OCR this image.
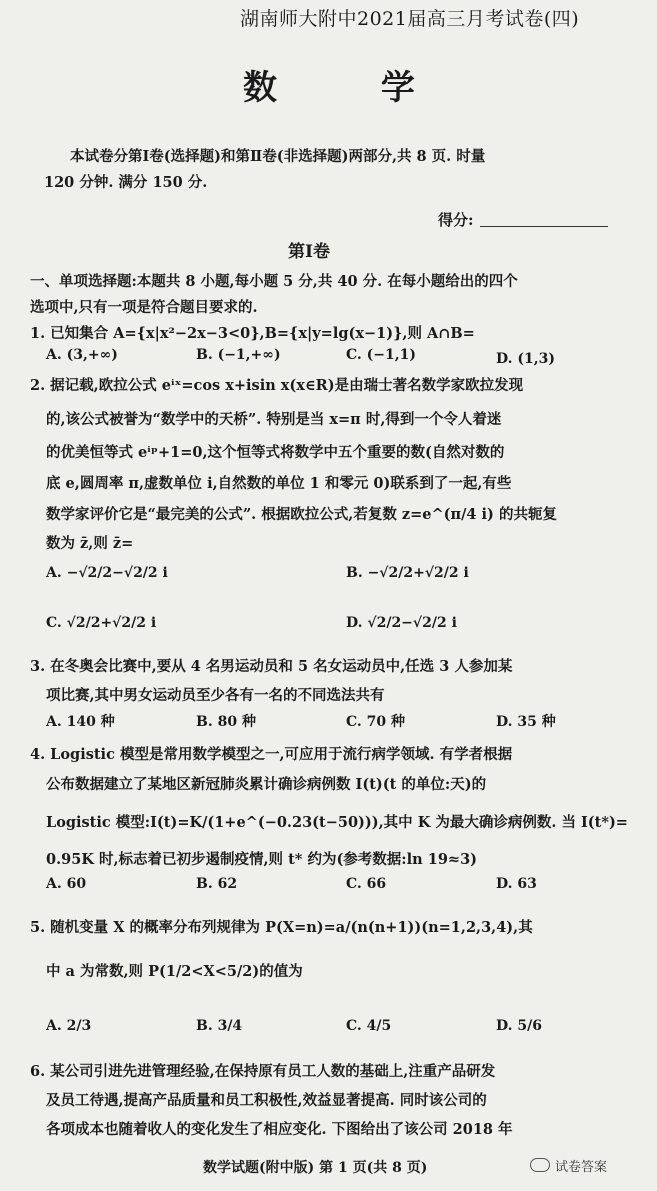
湖南师大附中2021届高三月考试卷(四)
数 学

本试卷分第Ⅰ卷(选择题)和第Ⅱ卷(非选择题)两部分,共 8 页. 时量

120 分钟. 满分 150 分.

得分:
第Ⅰ卷

一、单项选择题:本题共 8 小题,每小题 5 分,共 40 分. 在每小题给出的四个

选项中,只有一项是符合题目要求的.

1. 已知集合 A={x|x²−2x−3<0},B={x|y=lg(x−1)},则 A∩B=
A. (3,+∞)	B. (−1,+∞)	C. (−1,1)	D. (1,3)
2. 据记载,欧拉公式 eⁱˣ=cos x+isin x(x∈R)是由瑞士著名数学家欧拉发现
的,该公式被誉为“数学中的天桥”. 特别是当 x=π 时,得到一个令人着迷
的优美恒等式 eⁱᵖ+1=0,这个恒等式将数学中五个重要的数(自然对数的
底 e,圆周率 π,虚数单位 i,自然数的单位 1 和零元 0)联系到了一起,有些
数学家评价它是“最完美的公式”. 根据欧拉公式,若复数 z=e^(π/4 i) 的共轭复
数为 z̄,则 z̄=
A. −√2/2−√2/2 i	B. −√2/2+√2/2 i
C. √2/2+√2/2 i	D. √2/2−√2/2 i
3. 在冬奥会比赛中,要从 4 名男运动员和 5 名女运动员中,任选 3 人参加某
项比赛,其中男女运动员至少各有一名的不同选法共有
A. 140 种	B. 80 种	C. 70 种	D. 35 种
4. Logistic 模型是常用数学模型之一,可应用于流行病学领域. 有学者根据
公布数据建立了某地区新冠肺炎累计确诊病例数 I(t)(t 的单位:天)的
Logistic 模型:I(t)=K/(1+e^(−0.23(t−50))),其中 K 为最大确诊病例数. 当 I(t*)=
0.95K 时,标志着已初步遏制疫情,则 t* 约为(参考数据:ln 19≈3)
A. 60	B. 62	C. 66	D. 63
5. 随机变量 X 的概率分布列规律为 P(X=n)=a/(n(n+1))(n=1,2,3,4),其
中 a 为常数,则 P(1/2<X<5/2)的值为
A. 2/3	B. 3/4	C. 4/5	D. 5/6
6. 某公司引进先进管理经验,在保持原有员工人数的基础上,注重产品研发
及员工待遇,提高产品质量和员工积极性,效益显著提高. 同时该公司的
各项成本也随着收人的变化发生了相应变化. 下图给出了该公司 2018 年
数学试题(附中版) 第 1 页(共 8 页)	试卷答案
